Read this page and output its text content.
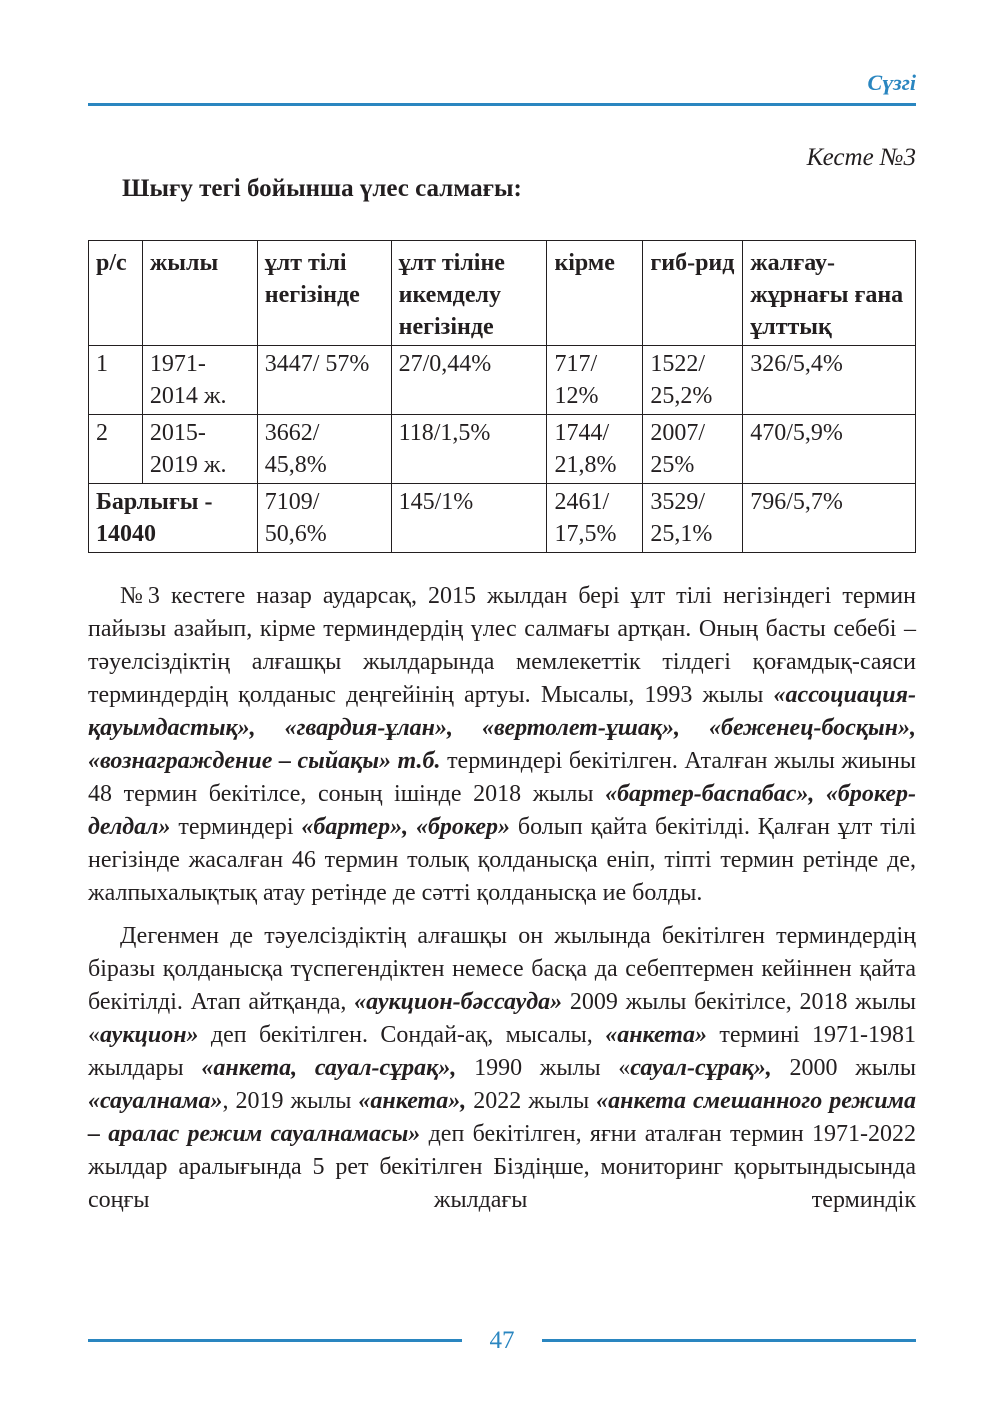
Сүзгі
Кесте №3
Шығу тегі бойынша үлес салмағы:
р/с	жылы	ұлт тілі негізінде	ұлт тіліне икемделу негізінде	кірме	гиб-рид	жалғау-жұрнағы ғана ұлттық
1	1971-2014 ж.	3447/ 57%	27/0,44%	717/ 12%	1522/ 25,2%	326/5,4%
2	2015-2019 ж.	3662/ 45,8%	118/1,5%	1744/ 21,8%	2007/ 25%	470/5,9%
Барлығы - 14040		7109/ 50,6%	145/1%	2461/ 17,5%	3529/ 25,1%	796/5,7%

№3 кестеге назар аударсақ, 2015 жылдан бері ұлт тілі негізіндегі термин пайызы азайып, кірме терминдердің үлес салмағы артқан. Оның басты себебі – тәуелсіздіктің алғашқы жылдарында мемлекеттік тілдегі қоғамдық-саяси терминдердің қолданыс деңгейінің артуы. Мысалы, 1993 жылы «ассоциация-қауымдастық», «гвардия-ұлан», «вертолет-ұшақ», «беженец-босқын», «вознаграждение – сыйақы» т.б. терминдері бекітілген. Аталған жылы жиыны 48 термин бекітілсе, соның ішінде 2018 жылы «бартер-баспабас», «брокер-делдал» терминдері «бартер», «брокер» болып қайта бекітілді. Қалған ұлт тілі негізінде жасалған 46 термин толық қолданысқа еніп, тіпті термин ретінде де, жалпыхалықтық атау ретінде де сәтті қолданысқа ие болды.

Дегенмен де тәуелсіздіктің алғашқы он жылында бекітілген терминдердің біразы қолданысқа түспегендіктен немесе басқа да себептермен кейіннен қайта бекітілді. Атап айтқанда, «аукцион-бәссауда» 2009 жылы бекітілсе, 2018 жылы «аукцион» деп бекітілген. Сондай-ақ, мысалы, «анкета» термині 1971-1981 жылдары «анкета, сауал-сұрақ», 1990 жылы «сауал-сұрақ», 2000 жылы «сауалнама», 2019 жылы «анкета», 2022 жылы «анкета смешанного режима – аралас режим сауалнамасы» деп бекітілген, яғни аталған термин 1971-2022 жылдар аралығында 5 рет бекітілген Біздіңше, мониторинг қорытындысында соңғы жылдағы терминдік

47
